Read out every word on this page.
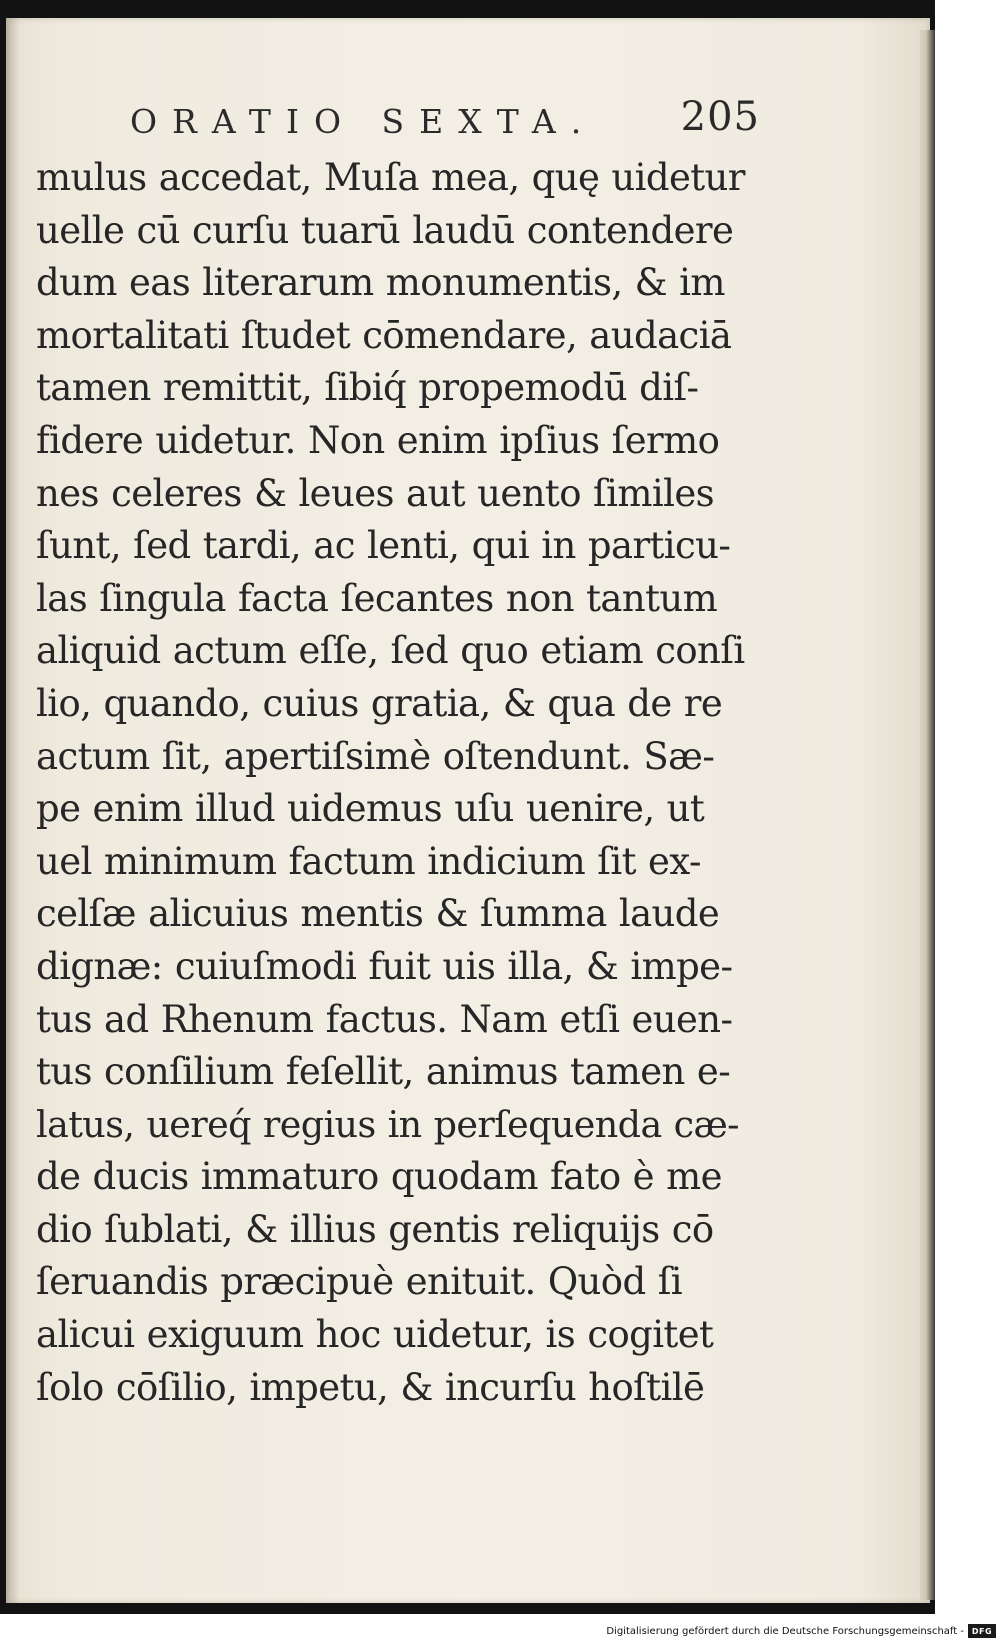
ORATIO SEXTA. 205
mulus accedat, Muſa mea, quę uidetur
uelle cū curſu tuarū laudū contendere
dum eas literarum monumentis, & im
mortalitati ſtudet cōmendare, audaciā
tamen remittit, ſibiq́ propemodū diſ-
fidere uidetur. Non enim ipſius ſermo
nes celeres & leues aut uento ſimiles
ſunt, ſed tardi, ac lenti, qui in particu-
las ſingula facta ſecantes non tantum
aliquid actum eſſe, ſed quo etiam conſi
lio, quando, cuius gratia, & qua de re
actum ſit, apertiſsimè oſtendunt. Sæ-
pe enim illud uidemus uſu uenire, ut
uel minimum factum indicium ſit ex-
celſæ alicuius mentis & ſumma laude
dignæ: cuiuſmodi fuit uis illa, & impe-
tus ad Rhenum factus. Nam etſi euen-
tus conſilium feſellit, animus tamen e-
latus, uereq́ regius in perſequenda cæ-
de ducis immaturo quodam fato è me
dio ſublati, & illius gentis reliquijs cō
ſeruandis præcipuè enituit. Quòd ſi
alicui exiguum hoc uidetur, is cogitet
ſolo cōſilio, impetu, & incurſu hoſtilē
Digitalisierung gefördert durch die Deutsche Forschungsgemeinschaft - DFG
